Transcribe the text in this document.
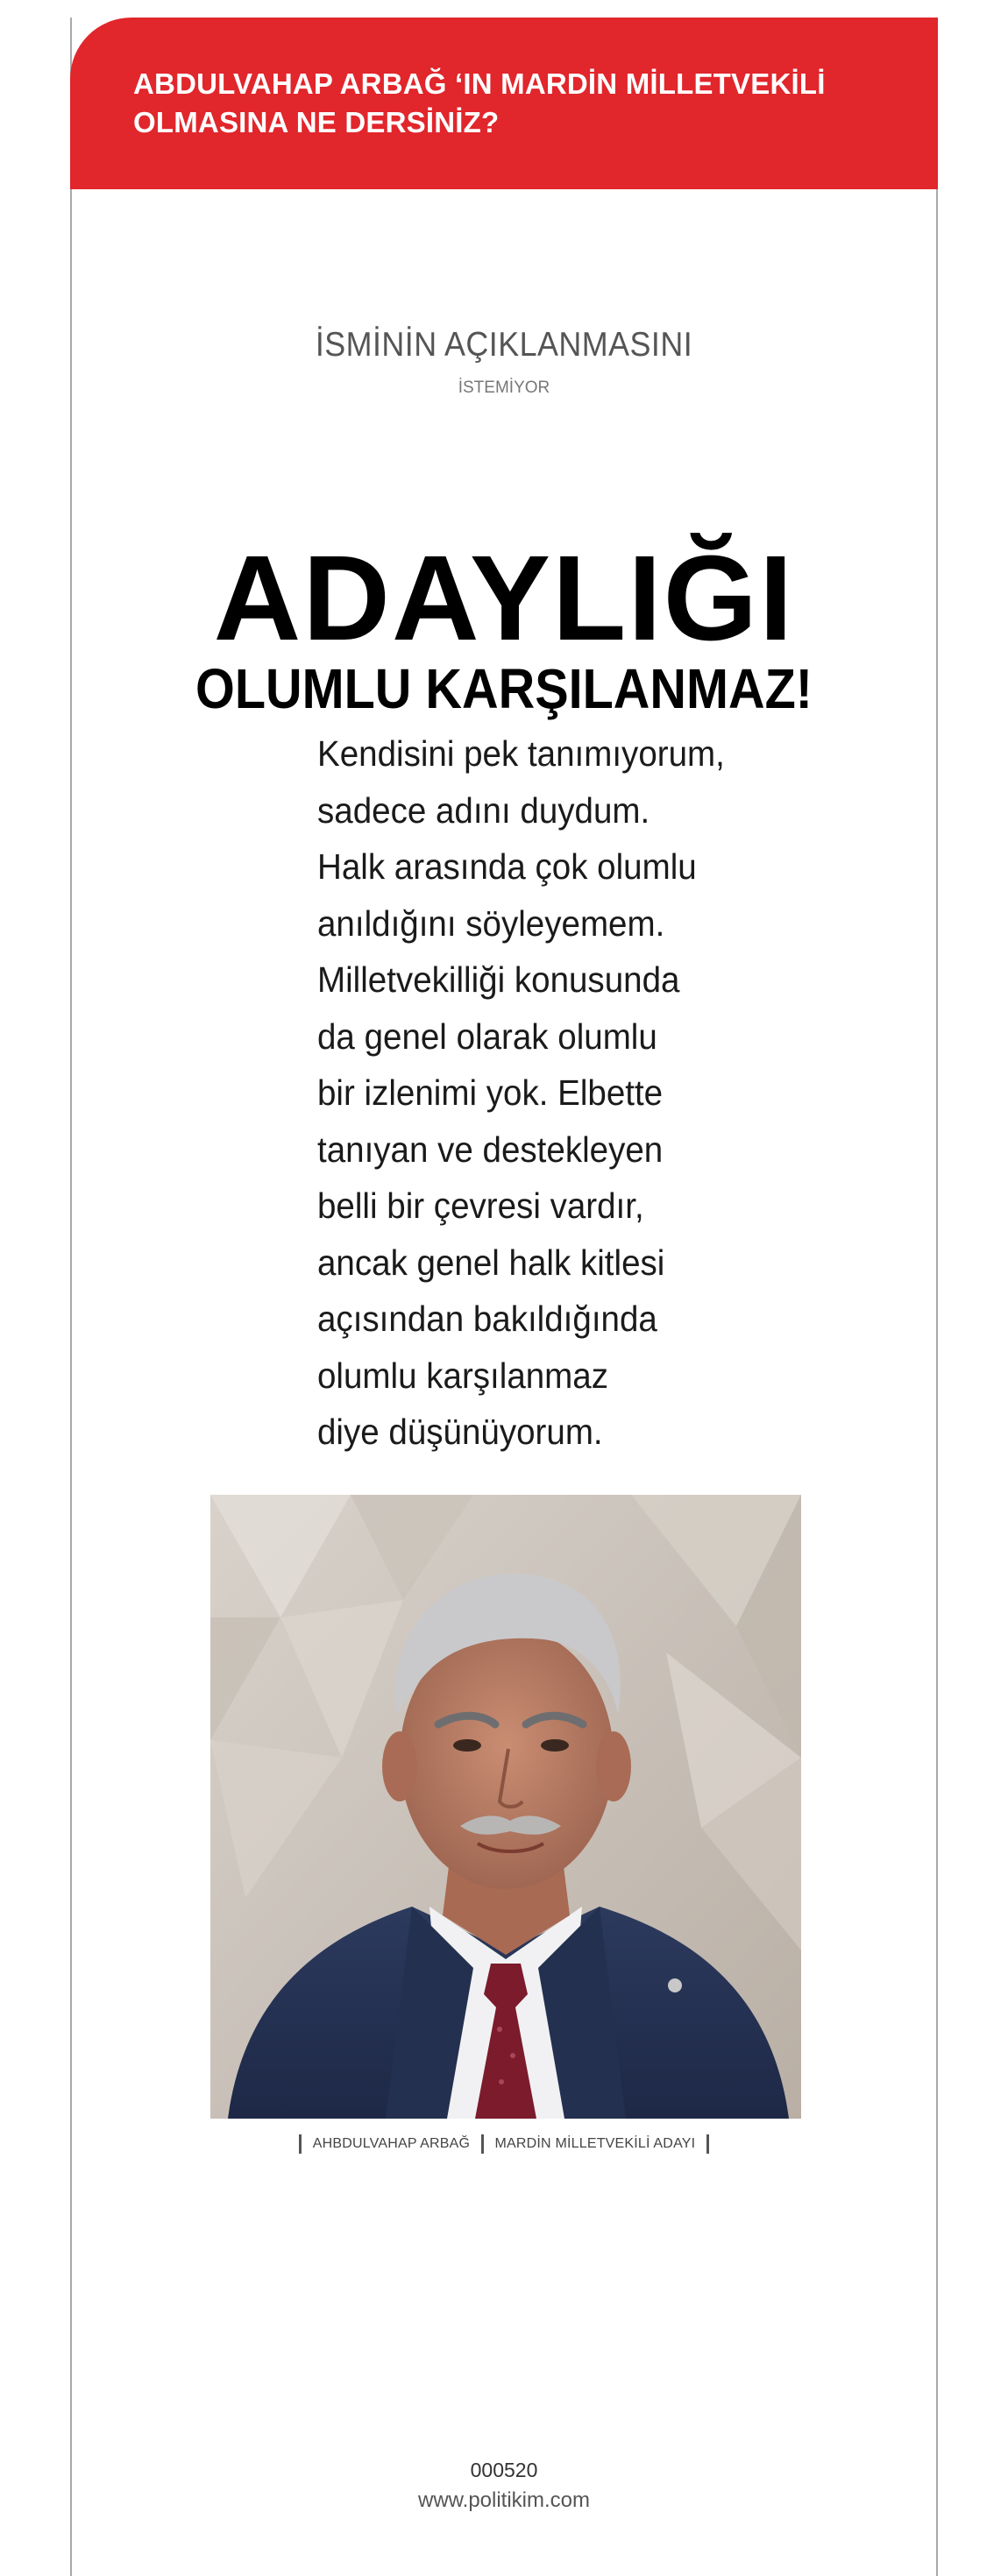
ABDULVAHAP ARBAĞ ‘IN MARDİN MİLLETVEKİLİ OLMASINA NE DERSİNİZ?

İSMİNİN AÇIKLANMASINI

İSTEMİYOR

ADAYLIĞI
OLUMLU KARŞILANMAZ!
Kendisini pek tanımıyorum,
sadece adını duydum.
Halk arasında çok olumlu
anıldığını söyleyemem.
Milletvekilliği konusunda
da genel olarak olumlu
bir izlenimi yok. Elbette
tanıyan ve destekleyen
belli bir çevresi vardır,
ancak genel halk kitlesi
açısından bakıldığında
olumlu karşılanmaz
diye düşünüyorum.

AHBDULVAHAP ARBAĞ MARDİN MİLLETVEKİLİ ADAYI

000520

www.politikim.com
